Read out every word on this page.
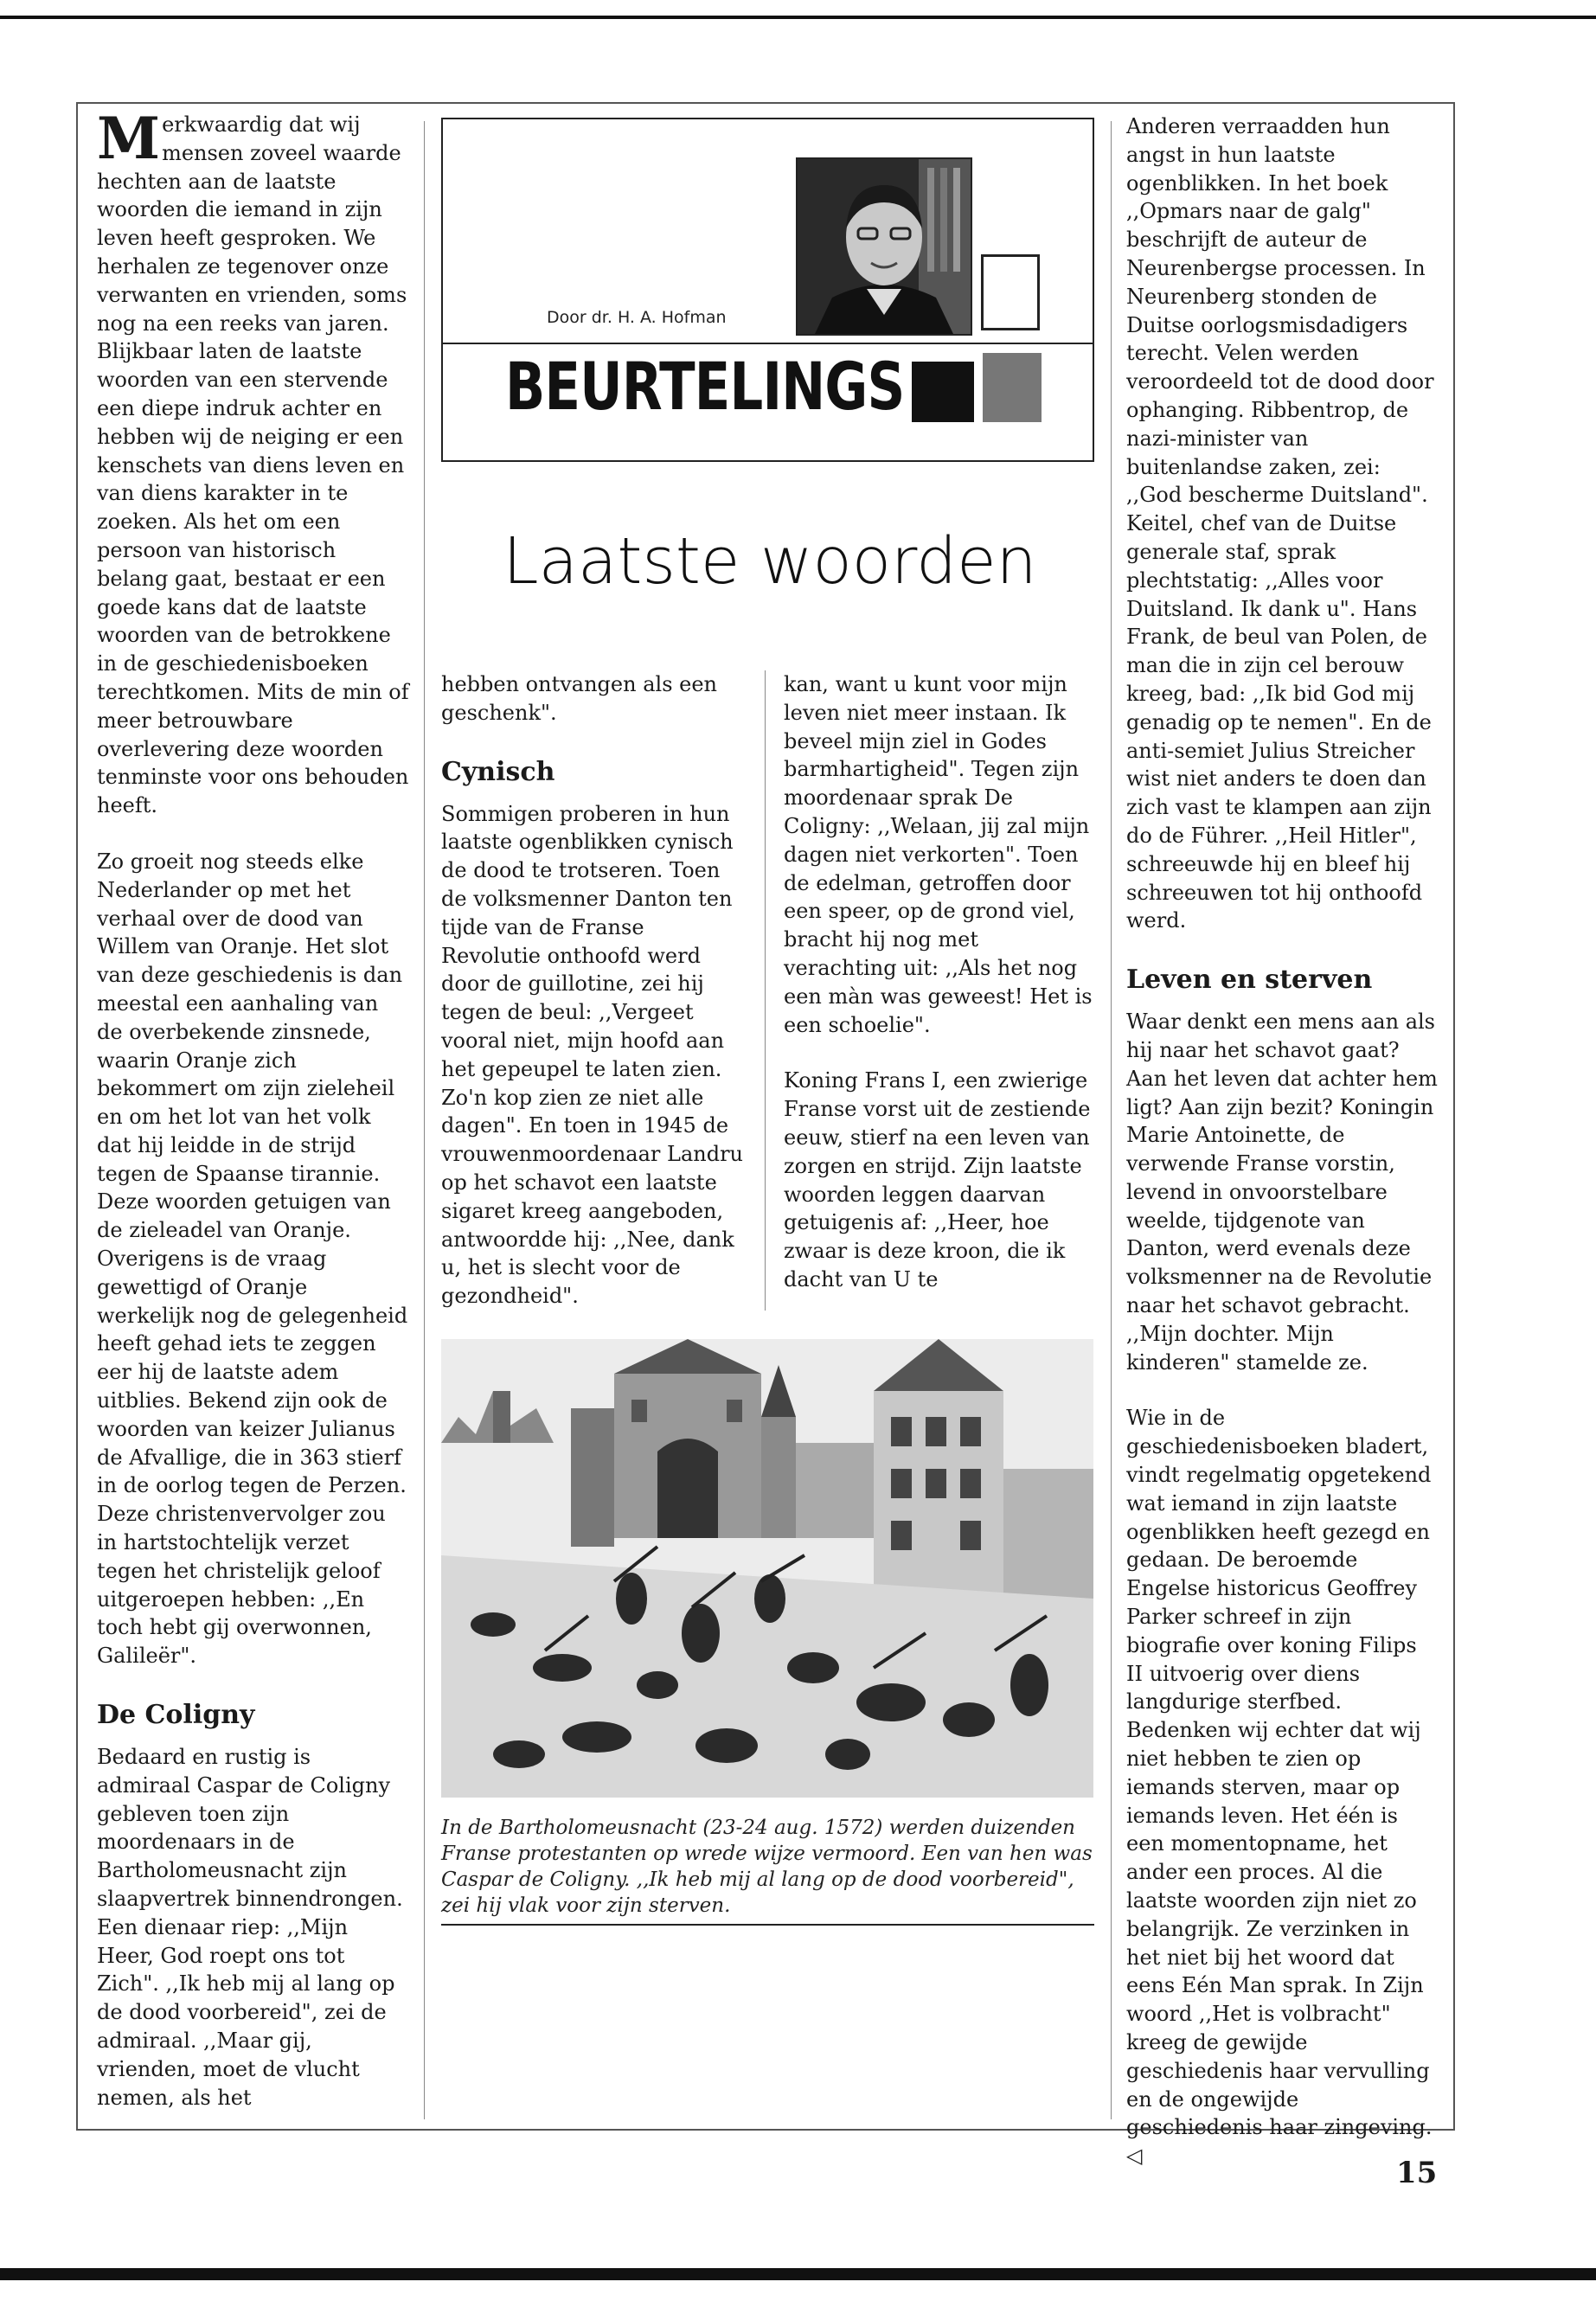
Merkwaardig dat wij mensen zoveel waarde hechten aan de laatste woorden die iemand in zijn leven heeft gesproken. We herhalen ze tegenover onze verwanten en vrienden, soms nog na een reeks van jaren. Blijkbaar laten de laatste woorden van een stervende een diepe indruk achter en hebben wij de neiging er een kenschets van diens leven en van diens karakter in te zoeken. Als het om een persoon van historisch belang gaat, bestaat er een goede kans dat de laatste woorden van de betrokkene in de geschiedenisboeken terechtkomen. Mits de min of meer betrouwbare overlevering deze woorden tenminste voor ons behouden heeft.

Zo groeit nog steeds elke Nederlander op met het verhaal over de dood van Willem van Oranje. Het slot van deze geschiedenis is dan meestal een aanhaling van de overbekende zinsnede, waarin Oranje zich bekommert om zijn zieleheil en om het lot van het volk dat hij leidde in de strijd tegen de Spaanse tirannie. Deze woorden getuigen van de zieleadel van Oranje. Overigens is de vraag gewettigd of Oranje werkelijk nog de gelegenheid heeft gehad iets te zeggen eer hij de laatste adem uitblies. Bekend zijn ook de woorden van keizer Julianus de Afvallige, die in 363 stierf in de oorlog tegen de Perzen. Deze christenvervolger zou in hartstochtelijk verzet tegen het christelijk geloof uitgeroepen hebben: ,,En toch hebt gij overwonnen, Galileër".

De Coligny

Bedaard en rustig is admiraal Caspar de Coligny gebleven toen zijn moordenaars in de Bartholomeusnacht zijn slaapvertrek binnendrongen. Een dienaar riep: ,,Mijn Heer, God roept ons tot Zich". ,,Ik heb mij al lang op de dood voorbereid", zei de admiraal. ,,Maar gij, vrienden, moet de vlucht nemen, als het

Door dr. H. A. Hofman
BEURTELINGS
Laatste woorden

hebben ontvangen als een geschenk".

Cynisch

Sommigen proberen in hun laatste ogenblikken cynisch de dood te trotseren. Toen de volksmenner Danton ten tijde van de Franse Revolutie onthoofd werd door de guillotine, zei hij tegen de beul: ,,Vergeet vooral niet, mijn hoofd aan het gepeupel te laten zien. Zo'n kop zien ze niet alle dagen". En toen in 1945 de vrouwenmoordenaar Landru op het schavot een laatste sigaret kreeg aangeboden, antwoordde hij: ,,Nee, dank u, het is slecht voor de gezondheid".

kan, want u kunt voor mijn leven niet meer instaan. Ik beveel mijn ziel in Godes barmhartigheid". Tegen zijn moordenaar sprak De Coligny: ,,Welaan, jij zal mijn dagen niet verkorten". Toen de edelman, getroffen door een speer, op de grond viel, bracht hij nog met verachting uit: ,,Als het nog een màn was geweest! Het is een schoelie".

Koning Frans I, een zwierige Franse vorst uit de zestiende eeuw, stierf na een leven van zorgen en strijd. Zijn laatste woorden leggen daarvan getuigenis af: ,,Heer, hoe zwaar is deze kroon, die ik dacht van U te

In de Bartholomeusnacht (23-24 aug. 1572) werden duizenden Franse protestanten op wrede wijze vermoord. Een van hen was Caspar de Coligny. ,,Ik heb mij al lang op de dood voorbereid", zei hij vlak voor zijn sterven.

Anderen verraadden hun angst in hun laatste ogenblikken. In het boek ,,Opmars naar de galg" beschrijft de auteur de Neurenbergse processen. In Neurenberg stonden de Duitse oorlogsmisdadigers terecht. Velen werden veroordeeld tot de dood door ophanging. Ribbentrop, de nazi-minister van buitenlandse zaken, zei: ,,God bescherme Duitsland". Keitel, chef van de Duitse generale staf, sprak plechtstatig: ,,Alles voor Duitsland. Ik dank u". Hans Frank, de beul van Polen, de man die in zijn cel berouw kreeg, bad: ,,Ik bid God mij genadig op te nemen". En de anti-semiet Julius Streicher wist niet anders te doen dan zich vast te klampen aan zijn do de Führer. ,,Heil Hitler", schreeuwde hij en bleef hij schreeuwen tot hij onthoofd werd.

Leven en sterven

Waar denkt een mens aan als hij naar het schavot gaat? Aan het leven dat achter hem ligt? Aan zijn bezit? Koningin Marie Antoinette, de verwende Franse vorstin, levend in onvoorstelbare weelde, tijdgenote van Danton, werd evenals deze volksmenner na de Revolutie naar het schavot gebracht. ,,Mijn dochter. Mijn kinderen" stamelde ze.

Wie in de geschiedenisboeken bladert, vindt regelmatig opgetekend wat iemand in zijn laatste ogenblikken heeft gezegd en gedaan. De beroemde Engelse historicus Geoffrey Parker schreef in zijn biografie over koning Filips II uitvoerig over diens langdurige sterfbed. Bedenken wij echter dat wij niet hebben te zien op iemands sterven, maar op iemands leven. Het één is een momentopname, het ander een proces. Al die laatste woorden zijn niet zo belangrijk. Ze verzinken in het niet bij het woord dat eens Eén Man sprak. In Zijn woord ,,Het is volbracht" kreeg de gewijde geschiedenis haar vervulling en de ongewijde geschiedenis haar zingeving. ◁	15
